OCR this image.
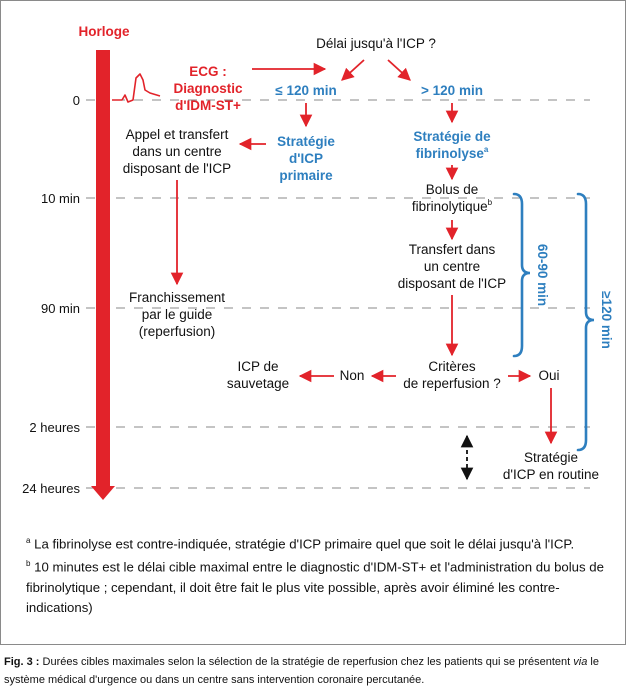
Horloge
0
10 min
90 min
2 heures
24 heures
ECG :
Diagnostic
d'IDM-ST+
Délai jusqu'à l'ICP ?
≤ 120 min	> 120 min
Stratégie
d'ICP
primaire
Stratégie de
fibrinolyse$^a$
Appel et transfert
dans un centre
disposant de l'ICP
Bolus de
fibrinolytique$^b$
Transfert dans
un centre
disposant de l'ICP
Franchissement
par le guide
(reperfusion)
Critères
de reperfusion ?
Non	Oui
ICP de
sauvetage
Stratégie
d'ICP en routine
60-90 min
≥120 min

$^a$ La fibrinolyse est contre-indiquée, stratégie d'ICP primaire quel que soit le délai jusqu'à l'ICP.

$^b$ 10 minutes est le délai cible maximal entre le diagnostic d'IDM-ST+ et l'administration du bolus de fibrinolytique ; cependant, il doit être fait le plus vite possible, après avoir éliminé les contre-indications)

Fig. 3 : Durées cibles maximales selon la sélection de la stratégie de reperfusion chez les patients qui se présentent via le système médical d'urgence ou dans un centre sans intervention coronaire percutanée.
